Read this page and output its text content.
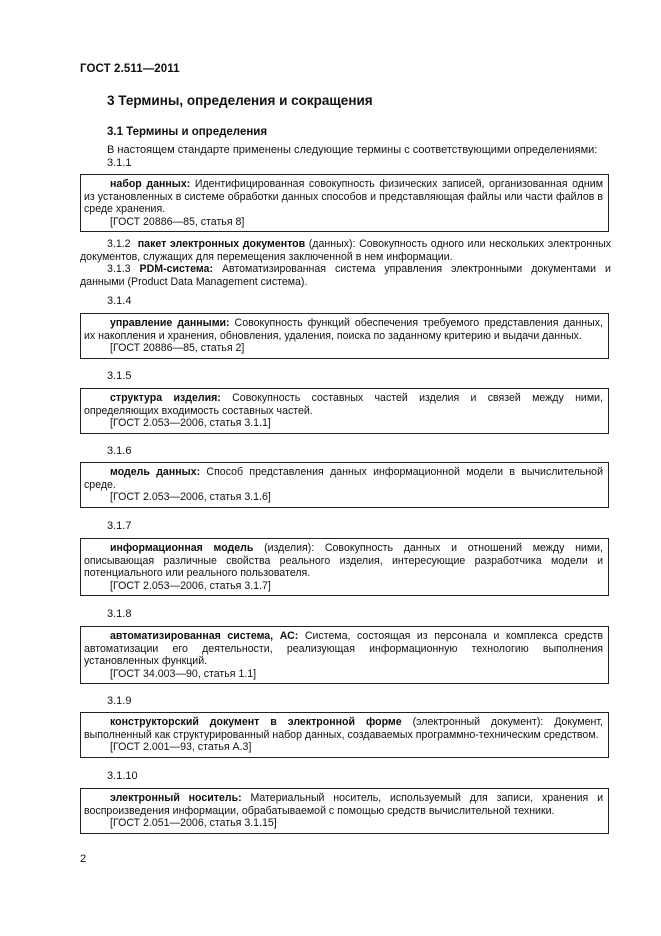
ГОСТ 2.511—2011
3 Термины, определения и сокращения
3.1 Термины и определения
В настоящем стандарте применены следующие термины с соответствующими определениями:
3.1.1

набор данных: Идентифицированная совокупность физических записей, организованная одним из установленных в системе обработки данных способов и представляющая файлы или части файлов в среде хранения.

[ГОСТ 20886—85, статья 8]

3.1.2 пакет электронных документов (данных): Совокупность одного или нескольких электронных документов, служащих для перемещения заключенной в нем информации.

3.1.3 PDM-система: Автоматизированная система управления электронными документами и данными (Product Data Management система).

3.1.4

управление данными: Совокупность функций обеспечения требуемого представления данных, их накопления и хранения, обновления, удаления, поиска по заданному критерию и выдачи данных.

[ГОСТ 20886—85, статья 2]

3.1.5

структура изделия: Совокупность составных частей изделия и связей между ними, определяющих входимость составных частей.

[ГОСТ 2.053—2006, статья 3.1.1]

3.1.6

модель данных: Способ представления данных информационной модели в вычислительной среде.

[ГОСТ 2.053—2006, статья 3.1.6]

3.1.7

информационная модель (изделия): Совокупность данных и отношений между ними, описывающая различные свойства реального изделия, интересующие разработчика модели и потенциального или реального пользователя.

[ГОСТ 2.053—2006, статья 3.1.7]

3.1.8

автоматизированная система, АС: Система, состоящая из персонала и комплекса средств автоматизации его деятельности, реализующая информационную технологию выполнения установленных функций.

[ГОСТ 34.003—90, статья 1.1]

3.1.9

конструкторский документ в электронной форме (электронный документ): Документ, выполненный как структурированный набор данных, создаваемых программно-техническим средством.

[ГОСТ 2.001—93, статья А.3]

3.1.10

электронный носитель: Материальный носитель, используемый для записи, хранения и воспроизведения информации, обрабатываемой с помощью средств вычислительной техники.

[ГОСТ 2.051—2006, статья 3.1.15]

2
